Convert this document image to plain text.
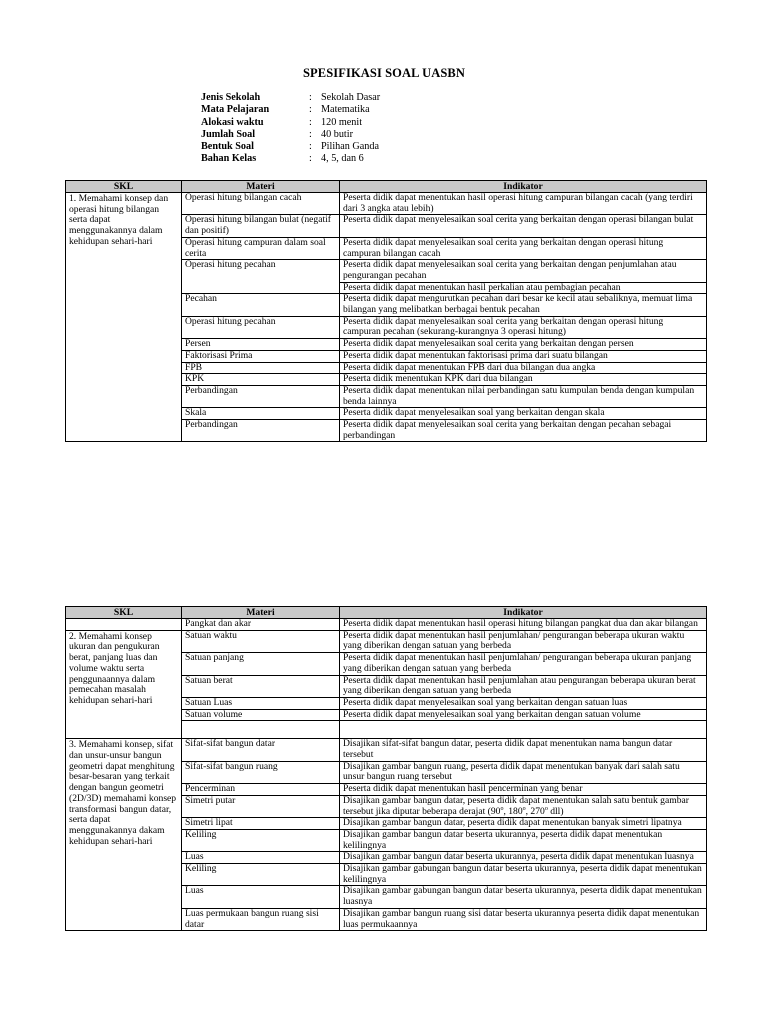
SPESIFIKASI SOAL UASBN
Jenis Sekolah	: Sekolah Dasar
Mata Pelajaran	: Matematika
Alokasi waktu	: 120 menit
Jumlah Soal	: 40 butir
Bentuk Soal	: Pilihan Ganda
Bahan Kelas	: 4, 5, dan 6
SKL	Materi	Indikator
1. Memahami konsep dan operasi hitung bilangan serta dapat menggunakannya dalam kehidupan sehari-hari	Operasi hitung bilangan cacah	Peserta didik dapat menentukan hasil operasi hitung campuran bilangan cacah (yang terdiri dari 3 angka atau lebih)
	Operasi hitung bilangan bulat (negatif dan positif)	Peserta didik dapat menyelesaikan soal cerita yang berkaitan dengan operasi bilangan bulat
	Operasi hitung campuran dalam soal cerita	Peserta didik dapat menyelesaikan soal cerita yang berkaitan dengan operasi hitung campuran bilangan cacah
	Operasi hitung pecahan	Peserta didik dapat menyelesaikan soal cerita yang berkaitan dengan penjumlahan atau pengurangan pecahan
		Peserta didik dapat menentukan hasil perkalian atau pembagian pecahan
	Pecahan	Peserta didik dapat mengurutkan pecahan dari besar ke kecil atau sebaliknya, memuat lima bilangan yang melibatkan berbagai bentuk pecahan
	Operasi hitung pecahan	Peserta didik dapat menyelesaikan soal cerita yang berkaitan dengan operasi hitung campuran pecahan (sekurang-kurangnya 3 operasi hitung)
	Persen	Peserta didik dapat menyelesaikan soal cerita yang berkaitan dengan persen
	Faktorisasi Prima	Peserta didik dapat menentukan faktorisasi prima dari suatu bilangan
	FPB	Peserta didik dapat menentukan FPB dari dua bilangan dua angka
	KPK	Peserta didik menentukan KPK dari dua bilangan
	Perbandingan	Peserta didik dapat menentukan nilai perbandingan satu kumpulan benda dengan kumpulan benda lainnya
	Skala	Peserta didik dapat menyelesaikan soal yang berkaitan dengan skala
	Perbandingan	Peserta didik dapat menyelesaikan soal cerita yang berkaitan dengan pecahan sebagai perbandingan
SKL	Materi	Indikator
	Pangkat dan akar	Peserta didik dapat menentukan hasil operasi hitung bilangan pangkat dua dan akar bilangan
2. Memahami konsep ukuran dan pengukuran berat, panjang luas dan volume waktu serta penggunaannya dalam pemecahan masalah kehidupan sehari-hari	Satuan waktu	Peserta didik dapat menentukan hasil penjumlahan/ pengurangan beberapa ukuran waktu yang diberikan dengan satuan yang berbeda
	Satuan panjang	Peserta didik dapat menentukan hasil penjumlahan/ pengurangan beberapa ukuran panjang yang diberikan dengan satuan yang berbeda
	Satuan berat	Peserta didik dapat menentukan hasil penjumlahan atau pengurangan beberapa ukuran berat yang diberikan dengan satuan yang berbeda
	Satuan Luas	Peserta didik dapat menyelesaikan soal yang berkaitan dengan satuan luas
	Satuan volume	Peserta didik dapat menyelesaikan soal yang berkaitan dengan satuan volume

3. Memahami konsep, sifat dan unsur-unsur bangun geometri dapat menghitung besar-besaran yang terkait dengan bangun geometri (2D/3D) memahami konsep transformasi bangun datar, serta dapat menggunakannya dakam kehidupan sehari-hari	Sifat-sifat bangun datar	Disajikan sifat-sifat bangun datar, peserta didik dapat menentukan nama bangun datar tersebut
	Sifat-sifat bangun ruang	Disajikan gambar bangun ruang, peserta didik dapat menentukan banyak dari salah satu unsur bangun ruang tersebut
	Pencerminan	Peserta didik dapat menentukan hasil pencerminan yang benar
	Simetri putar	Disajikan gambar bangun datar, peserta didik dapat menentukan salah satu bentuk gambar tersebut jika diputar beberapa derajat (90$^o$, 180$^o$, 270$^o$ dll)
	Simetri lipat	Disajikan gambar bangun datar, peserta didik dapat menentukan banyak simetri lipatnya
	Keliling	Disajikan gambar bangun datar beserta ukurannya, peserta didik dapat menentukan kelilingnya
	Luas	Disajikan gambar bangun datar beserta ukurannya, peserta didik dapat menentukan luasnya
	Keliling	Disajikan gambar gabungan bangun datar beserta ukurannya, peserta didik dapat menentukan kelilingnya
	Luas	Disajikan gambar gabungan bangun datar beserta ukurannya, peserta didik dapat menentukan luasnya
	Luas permukaan bangun ruang sisi datar	Disajikan gambar bangun ruang sisi datar beserta ukurannya peserta didik dapat menentukan luas permukaannya
